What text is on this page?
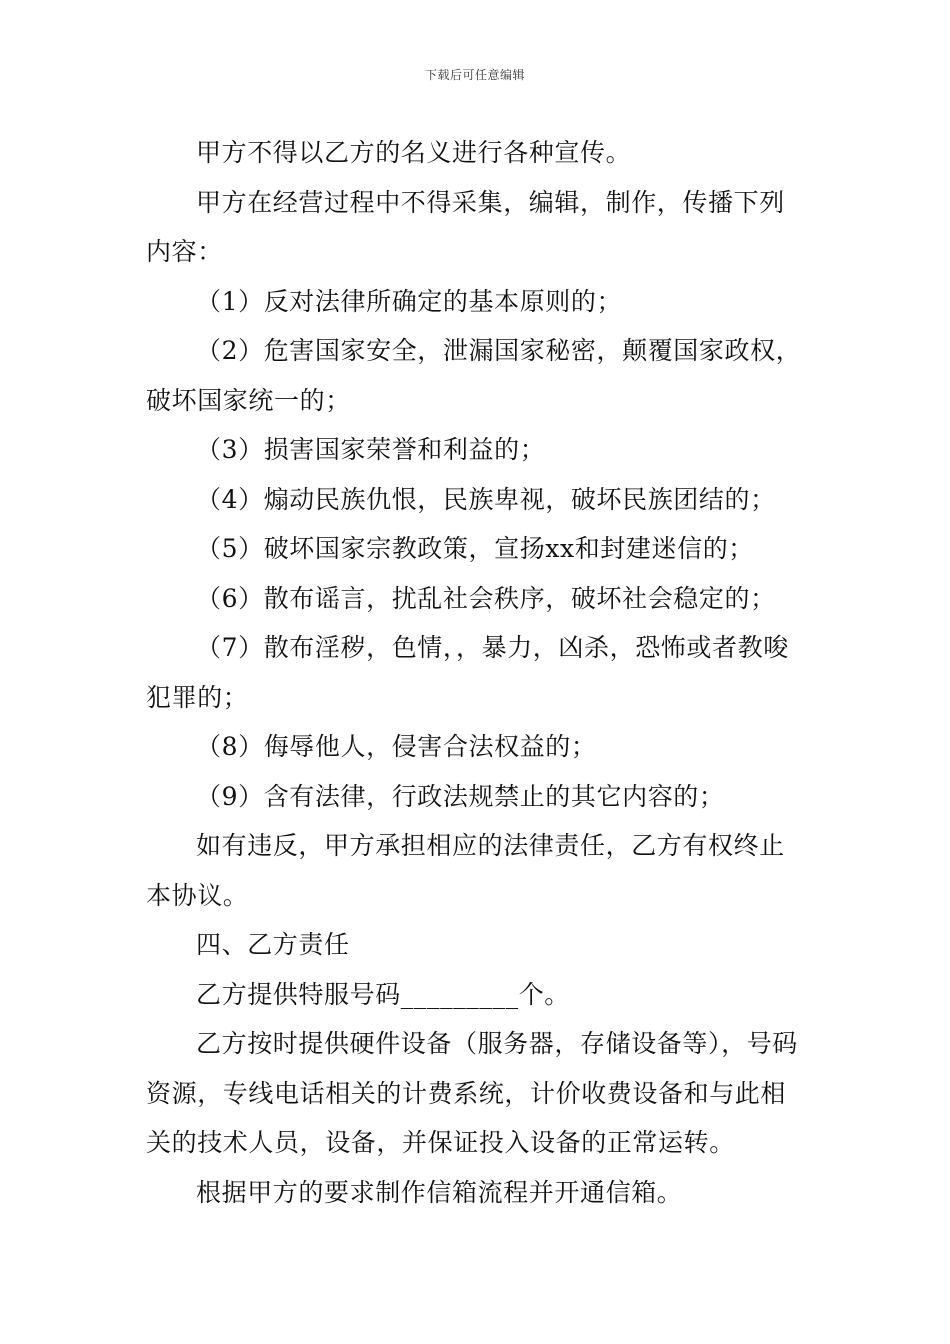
下载后可任意编辑

甲方不得以乙方的名义进行各种宣传。

甲方在经营过程中不得采集，编辑，制作，传播下列内容：

（1）反对法律所确定的基本原则的；

（2）危害国家安全，泄漏国家秘密，颠覆国家政权，破坏国家统一的；

（3）损害国家荣誉和利益的；

（4）煽动民族仇恨，民族卑视，破坏民族团结的；

（5）破坏国家宗教政策，宣扬xx和封建迷信的；

（6）散布谣言，扰乱社会秩序，破坏社会稳定的；

（7）散布淫秽，色情，，暴力，凶杀，恐怖或者教唆犯罪的；

（8）侮辱他人，侵害合法权益的；

（9）含有法律，行政法规禁止的其它内容的；

如有违反，甲方承担相应的法律责任，乙方有权终止本协议。

四、乙方责任

乙方提供特服号码_________个。

乙方按时提供硬件设备（服务器，存储设备等），号码资源，专线电话相关的计费系统，计价收费设备和与此相关的技术人员，设备，并保证投入设备的正常运转。

根据甲方的要求制作信箱流程并开通信箱。
